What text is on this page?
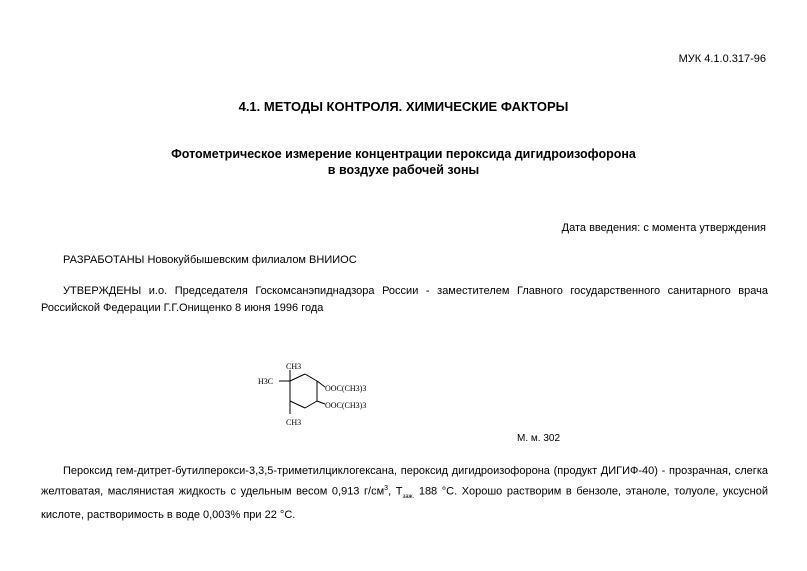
МУК 4.1.0.317-96
4.1. МЕТОДЫ КОНТРОЛЯ. ХИМИЧЕСКИЕ ФАКТОРЫ
Фотометрическое измерение концентрации пероксида дигидроизофорона
в воздухе рабочей зоны
Дата введения: с момента утверждения
РАЗРАБОТАНЫ Новокуйбышевским филиалом ВНИИОС
УТВЕРЖДЕНЫ и.о. Председателя Госкомсанэпиднадзора России - заместителем Главного государственного санитарного врача Российской Федерации Г.Г.Онищенко 8 июня 1996 года
CH3
H3C
OOC(CH3)3
OOC(CH3)3
CH3
М. м. 302

Пероксид гем-дитрет-бутилперокси-3,3,5-триметилциклогексана, пероксид дигидроизофорона (продукт ДИГИФ-40) - прозрачная, слегка желтоватая, маслянистая жидкость с удельным весом 0,913 $г/см^3$, $Т_{заж.}$ 188 °С. Хорошо растворим в бензоле, этаноле, толуоле, уксусной кислоте, растворимость в воде 0,003% при 22 °С.
